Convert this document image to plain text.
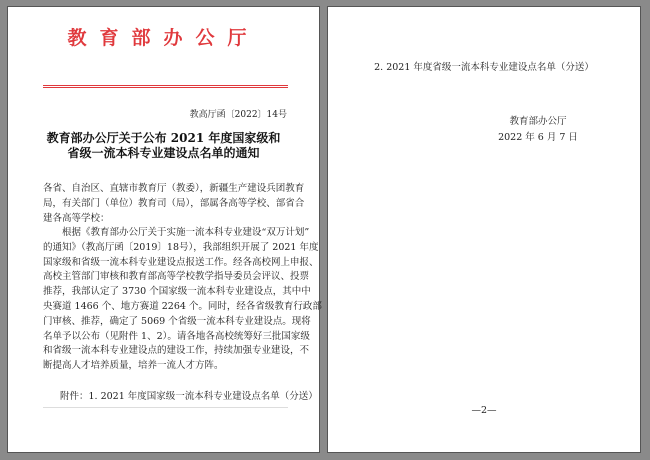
教育部办公厅
教高厅函〔2022〕14号
教育部办公厅关于公布 2021 年度国家级和
省级一流本科专业建设点名单的通知
各省、自治区、直辖市教育厅（教委），新疆生产建设兵团教育
局，有关部门（单位）教育司（局），部属各高等学校、部省合
建各高等学校：
根据《教育部办公厅关于实施一流本科专业建设“双万计划”
的通知》（教高厅函〔2019〕18号），我部组织开展了 2021 年度
国家级和省级一流本科专业建设点报送工作。经各高校网上申报、
高校主管部门审核和教育部高等学校教学指导委员会评议、投票
推荐，我部认定了 3730 个国家级一流本科专业建设点，其中中
央赛道 1466 个、地方赛道 2264 个。同时，经各省级教育行政部
门审核、推荐，确定了 5069 个省级一流本科专业建设点。现将
名单予以公布（见附件 1、2）。请各地各高校统筹好三批国家级
和省级一流本科专业建设点的建设工作，持续加强专业建设，不
断提高人才培养质量，培养一流人才方阵。
附件：1. 2021 年度国家级一流本科专业建设点名单（分送）
2. 2021 年度省级一流本科专业建设点名单（分送）
教育部办公厅
2022 年 6 月 7 日
—2—
